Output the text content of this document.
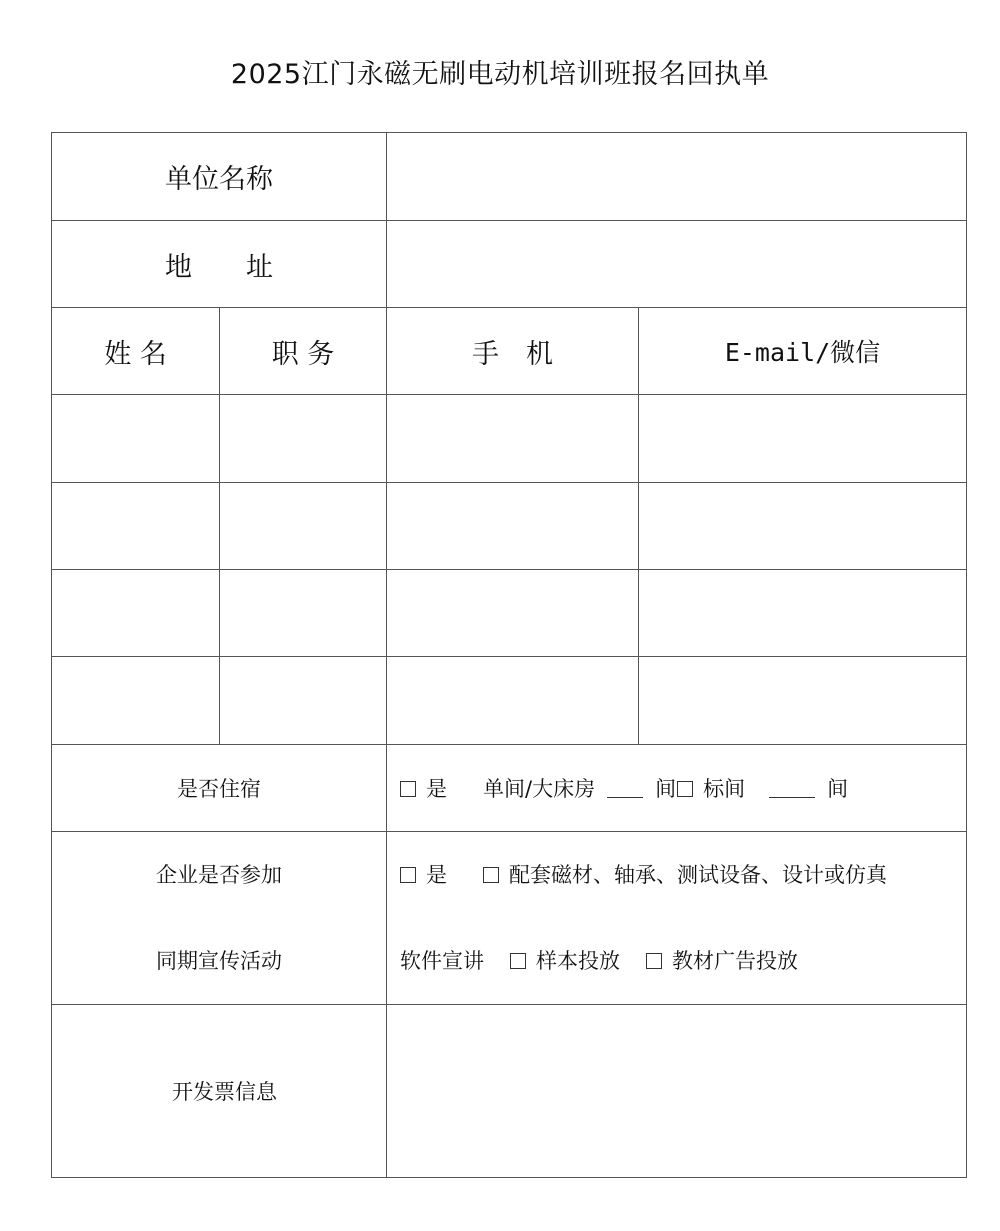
2025江门永磁无刷电动机培训班报名回执单
单位名称			
地　　址			
姓 名	职 务	手　机	E-mail/微信

是否住宿		是 单间/大床房 间 标间 间	

企业是否参加
同期宣传活动		是 配套磁材、轴承、测试设备、设计或仿真
软件宣讲 样本投放 教材广告投放	

开发票信息			
